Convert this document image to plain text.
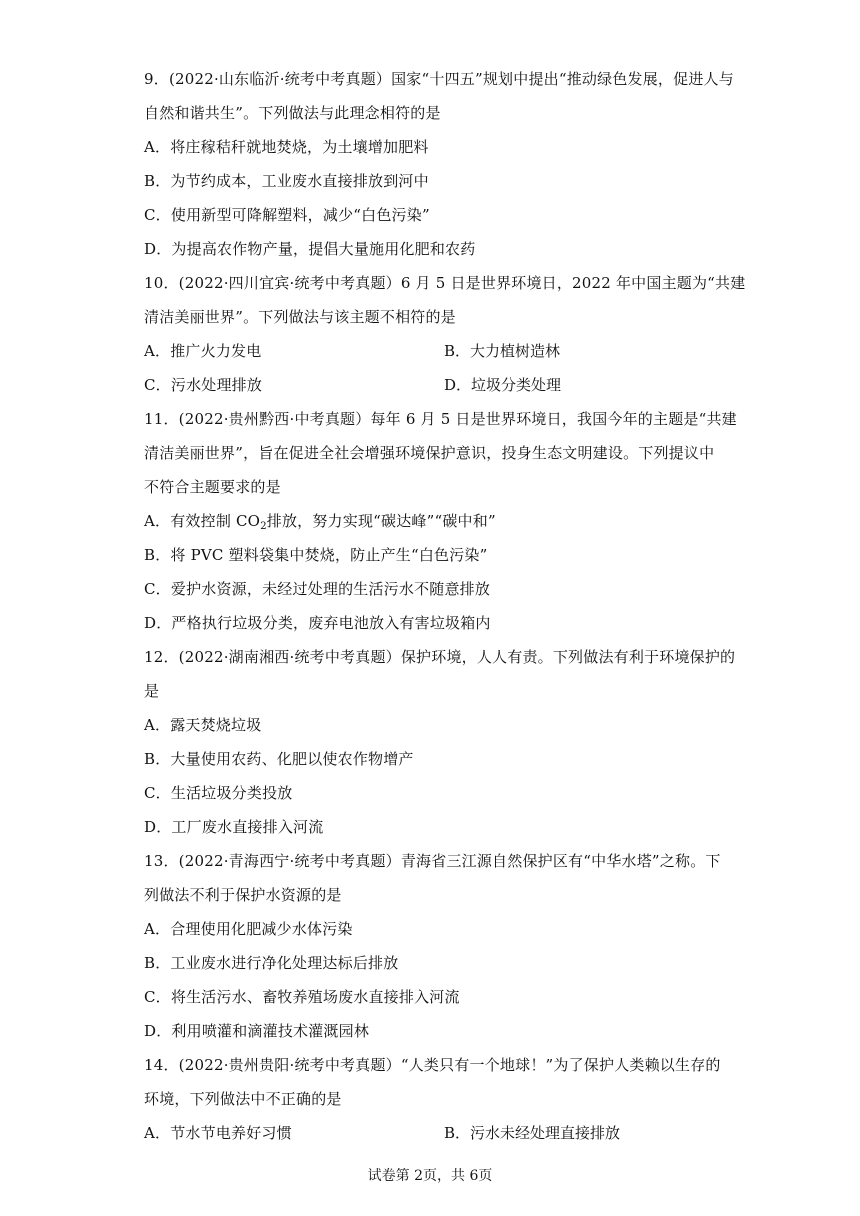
9．(2022·山东临沂·统考中考真题）国家“十四五”规划中提出“推动绿色发展，促进人与
自然和谐共生”。下列做法与此理念相符的是
A．将庄稼秸秆就地焚烧，为土壤增加肥料
B．为节约成本，工业废水直接排放到河中
C．使用新型可降解塑料，减少“白色污染”
D．为提高农作物产量，提倡大量施用化肥和农药
10．(2022·四川宜宾·统考中考真题）6 月 5 日是世界环境日，2022 年中国主题为“共建
清洁美丽世界”。下列做法与该主题不相符的是
A．推广火力发电	B．大力植树造林
C．污水处理排放	D．垃圾分类处理
11．(2022·贵州黔西·中考真题）每年 6 月 5 日是世界环境日，我国今年的主题是“共建
清洁美丽世界”，旨在促进全社会增强环境保护意识，投身生态文明建设。下列提议中
不符合主题要求的是
A．有效控制 $CO_2$排放，努力实现“碳达峰”“碳中和”
B．将 PVC 塑料袋集中焚烧，防止产生“白色污染”
C．爱护水资源，未经过处理的生活污水不随意排放
D．严格执行垃圾分类，废弃电池放入有害垃圾箱内
12．(2022·湖南湘西·统考中考真题）保护环境，人人有责。下列做法有利于环境保护的
是
A．露天焚烧垃圾
B．大量使用农药、化肥以使农作物增产
C．生活垃圾分类投放
D．工厂废水直接排入河流
13．(2022·青海西宁·统考中考真题）青海省三江源自然保护区有“中华水塔”之称。下
列做法不利于保护水资源的是
A．合理使用化肥减少水体污染
B．工业废水进行净化处理达标后排放
C．将生活污水、畜牧养殖场废水直接排入河流
D．利用喷灌和滴灌技术灌溉园林
14．(2022·贵州贵阳·统考中考真题）“人类只有一个地球！”为了保护人类赖以生存的
环境，下列做法中不正确的是
A．节水节电养好习惯	B．污水未经处理直接排放
试卷第 2页，共 6页
